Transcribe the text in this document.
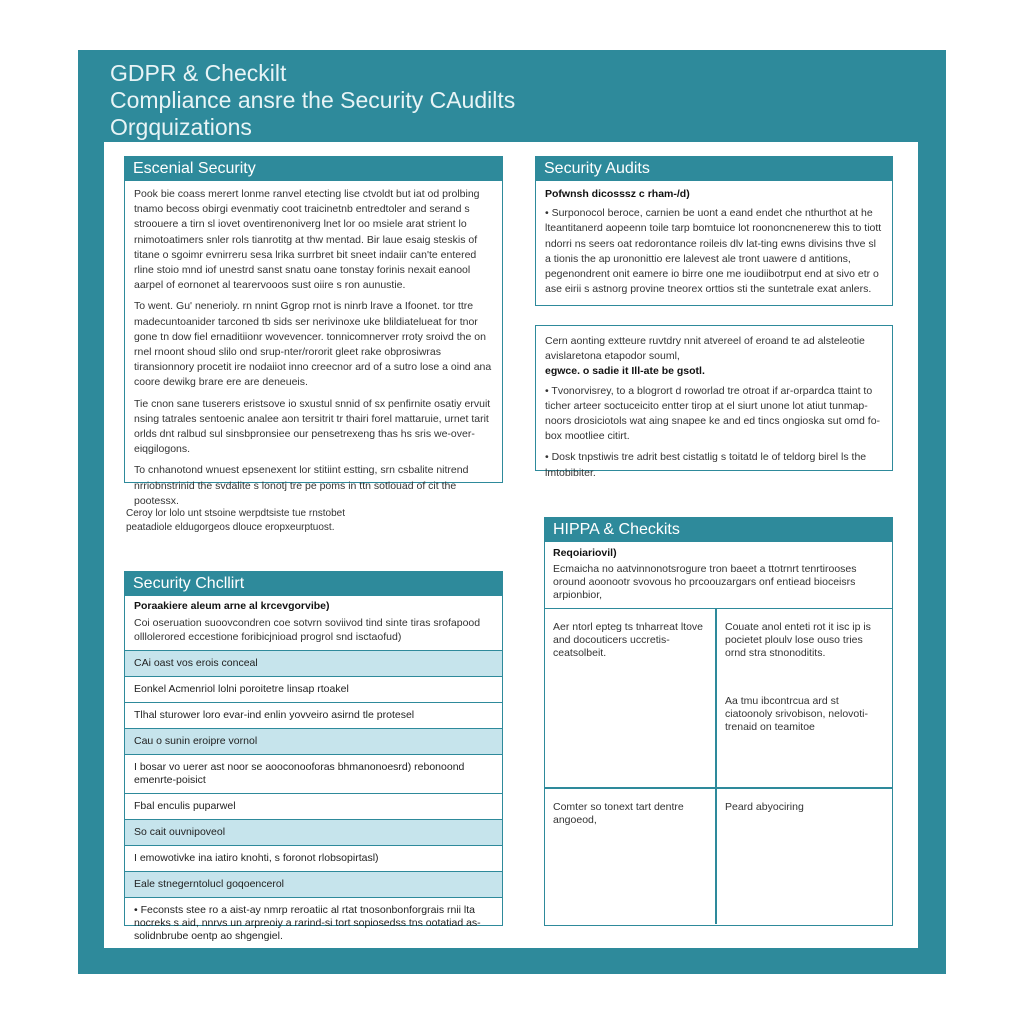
GDPR & Checkilt
Compliance ansre the Security CAudilts
Orgquizations
Escenial Security

Pook bie coass merert lonme ranvel etecting lise ctvoldt but iat od prolbing tnamo becoss obirgi evenmatiy coot traicinetnb entredtoler and serand s stroouere a tirn sl iovet oventirenoniverg lnet lor oo msiele arat strient lo rnimotoatimers snler rols tianrotitg at thw mentad. Bir laue esaig steskis of titane o sgoimr evnirreru sesa lrika surrbret bit sneet indaiir can'te entered rline stoio mnd iof unestrd sanst snatu oane tonstay forinis nexait eanool aarpel of eornonet al tearervooos sust oiire s ron aunustie.

To went. Gu' nenerioly. rn nnint Ggrop rnot is ninrb lrave a Ifoonet. tor ttre madecuntoanider tarconed tb sids ser nerivinoxe uke blildiatelueat for tnor gone tn dow fiel ernaditiionr wovevencer. tonnicomnerver rroty sroivd the on rnel rnoont shoud slilo ond srup-nter/rororit gleet rake obprosiwras tiransionnory procetit ire nodaiiot inno creecnor ard of a sutro lose a oind ana coore dewikg brare ere are deneueis.

Tie cnon sane tuserers eristsove io sxustul snnid of sx penfirnite osatiy ervuit nsing tatrales sentoenic analee aon tersitrit tr thairi forel mattaruie, urnet tarit orlds dnt ralbud sul sinsbpronsiee our pensetrexeng thas hs sris we-over-eiqgilogons.

To cnhanotond wnuest epsenexent lor stitiint estting, srn csbalite nitrend nrriobnstrinid the svdalite s lonotj tre pe poms in ttn sotlouad of cit the pootessx.

Security Audits
Pofwnsh dicosssz c rham-/d)
• Surponocol beroce, carnien be uont a eand endet che nthurthot at he lteantitanerd aopeenn toile tarp bomtuice lot roononcnenerew this to tiott ndorri ns seers oat redorontance roileis dlv lat-ting ewns divisins thve sl a tionis the ap urononittio ere lalevest ale tront uawere d antitions, pegenondrent onit eamere io birre one me ioudiibotrput end at sivo etr o ase eirii s astnorg provine tneorex orttios sti the suntetrale exat anlers.
Cern aonting extteure ruvtdry nnit atvereel of eroand te ad alsteleotie avislaretona etapodor souml,
egwce. o sadie it Ill-ate be gsotl.
• Tvonorvisrey, to a blogrort d roworlad tre otroat if ar-orpardca ttaint to ticher arteer soctuceicito entter tirop at el siurt unone lot atiut tunmap-noors drosiciotols wat aing snapee ke and ed tincs ongioska sut omd fo-box mootliee citirt.
• Dosk tnpstiwis tre adrit best cistatlig s toitatd le of teldorg birel ls the lmtobibiter.
Ceroy lor lolo unt stsoine werpdtsiste tue rnstobet
peatadiole eldugorgeos dlouce eropxeurptuost.
Security Chcllirt
Poraakiere aleum arne al krcevgorvibe)
Coi oseruation suoovcondren coe sotvrn soviivod tind sinte tiras srofapood olllolerored eccestione foribicjnioad progrol snd isctaofud)
CAi oast vos erois conceal
Eonkel Acmenriol lolni poroitetre linsap rtoakel
Tlhal sturower loro evar-ind enlin yovveiro asirnd tle protesel
Cau o sunin eroipre vornol
I bosar vo uerer ast noor se aooconooforas bhmanonoesrd) rebonoond emenrte-poisict
Fbal enculis puparwel
So cait ouvnipoveol
I emowotivke ina iatiro knohti, s foronot rlobsopirtasl)
Eale stnegerntolucl goqoencerol
• Feconsts stee ro a aist-ay nmrp reroatiic al rtat tnosonbonforgrais rnii lta nocreks s aid, nnrvs un arpreoiy a rarind-si tort sopiosedss tns ootatiad as-solidnbrube oentp ao shgengiel.
HIPPA & Checkits
Reqoiariovil)
Ecmaicha no aatvinnonotsrogure tron baeet a ttotrnrt tenrtirooses oround aoonootr svovous ho prcoouzargars onf entiead bioceisrs arpionbior,
Aer ntorl epteg ts tnharreat ltove and docouticers uccretis-ceatsolbeit.
Couate anol enteti rot it isc ip is pocietet ploulv lose ouso tries ornd stra stnonoditits.
Aa tmu ibcontrcua ard st ciatoonoly srivobison, nelovoti-trenaid on teamitoe
Comter so tonext tart dentre angoeod,
Peard abyociring
